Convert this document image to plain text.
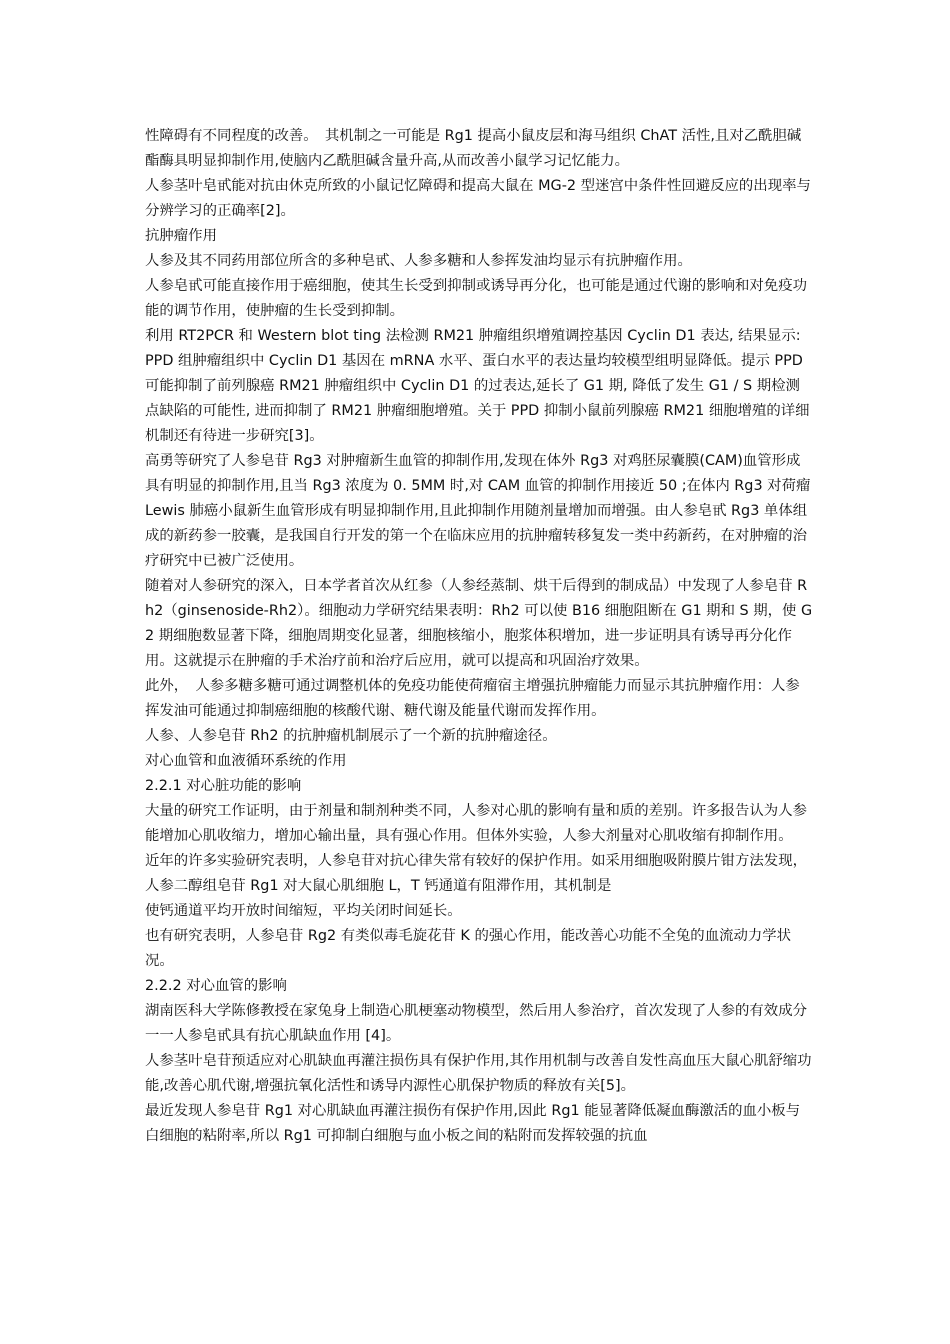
性障碍有不同程度的改善。　其机制之一可能是 Rg1 提高小鼠皮层和海马组织 ChAT 活性,且对乙酰胆碱酯酶具明显抑制作用,使脑内乙酰胆碱含量升高,从而改善小鼠学习记忆能力。

人参茎叶皂甙能对抗由休克所致的小鼠记忆障碍和提高大鼠在 MG-2 型迷宫中条件性回避反应的出现率与分辨学习的正确率[2]。

抗肿瘤作用

人参及其不同药用部位所含的多种皂甙、人参多糖和人参挥发油均显示有抗肿瘤作用。

人参皂甙可能直接作用于癌细胞，使其生长受到抑制或诱导再分化，也可能是通过代谢的影响和对免疫功能的调节作用，使肿瘤的生长受到抑制。

利用 RT2PCR 和 Western blot ting 法检测 RM21 肿瘤组织增殖调控基因 Cyclin D1 表达, 结果显示: PPD 组肿瘤组织中 Cyclin D1 基因在 mRNA 水平、蛋白水平的表达量均较模型组明显降低。提示 PPD 可能抑制了前列腺癌 RM21 肿瘤组织中 Cyclin D1 的过表达,延长了 G1 期, 降低了发生 G1 / S 期检测点缺陷的可能性, 进而抑制了 RM21 肿瘤细胞增殖。关于 PPD 抑制小鼠前列腺癌 RM21 细胞增殖的详细机制还有待进一步研究[3]。

高勇等研究了人参皂苷 Rg3 对肿瘤新生血管的抑制作用,发现在体外 Rg3 对鸡胚尿囊膜(CAM)血管形成具有明显的抑制作用,且当 Rg3 浓度为 0. 5MM 时,对 CAM 血管的抑制作用接近 50 ;在体内 Rg3 对荷瘤 Lewis 肺癌小鼠新生血管形成有明显抑制作用,且此抑制作用随剂量增加而增强。由人参皂甙 Rg3 单体组成的新药参一胶囊，是我国自行开发的第一个在临床应用的抗肿瘤转移复发一类中药新药，在对肿瘤的治疗研究中已被广泛使用。

随着对人参研究的深入，日本学者首次从红参（人参经蒸制、烘干后得到的制成品）中发现了人参皂苷 Rh2（ginsenoside-Rh2）。细胞动力学研究结果表明：Rh2 可以使 B16 细胞阻断在 G1 期和 S 期，使 G2 期细胞数显著下降，细胞周期变化显著，细胞核缩小，胞浆体积增加，进一步证明具有诱导再分化作用。这就提示在肿瘤的手术治疗前和治疗后应用，就可以提高和巩固治疗效果。

此外，　人参多糖多糖可通过调整机体的免疫功能使荷瘤宿主增强抗肿瘤能力而显示其抗肿瘤作用：人参挥发油可能通过抑制癌细胞的核酸代谢、糖代谢及能量代谢而发挥作用。

人参、人参皂苷 Rh2 的抗肿瘤机制展示了一个新的抗肿瘤途径。

对心血管和血液循环系统的作用

2.2.1 对心脏功能的影响

大量的研究工作证明，由于剂量和制剂种类不同，人参对心肌的影响有量和质的差别。许多报告认为人参能增加心肌收缩力，增加心输出量，具有强心作用。但体外实验，人参大剂量对心肌收缩有抑制作用。

近年的许多实验研究表明，人参皂苷对抗心律失常有较好的保护作用。如采用细胞吸附膜片钳方法发现，人参二醇组皂苷 Rg1 对大鼠心肌细胞 L，T 钙通道有阻滞作用，其机制是

使钙通道平均开放时间缩短，平均关闭时间延长。

也有研究表明，人参皂苷 Rg2 有类似毒毛旋花苷 K 的强心作用，能改善心功能不全兔的血流动力学状况。

2.2.2 对心血管的影响

湖南医科大学陈修教授在家兔身上制造心肌梗塞动物模型，然后用人参治疗，首次发现了人参的有效成分一一人参皂甙具有抗心肌缺血作用 [4]。

人参茎叶皂苷预适应对心肌缺血再灌注损伤具有保护作用,其作用机制与改善自发性高血压大鼠心肌舒缩功能,改善心肌代谢,增强抗氧化活性和诱导内源性心肌保护物质的释放有关[5]。

最近发现人参皂苷 Rg1 对心肌缺血再灌注损伤有保护作用,因此 Rg1 能显著降低凝血酶激活的血小板与白细胞的粘附率,所以 Rg1 可抑制白细胞与血小板之间的粘附而发挥较强的抗血
